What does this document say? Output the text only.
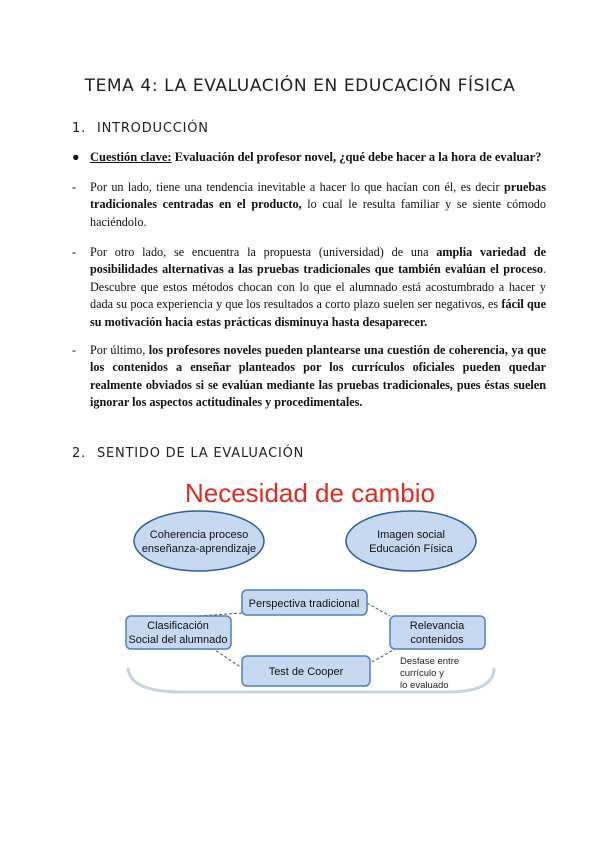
TEMA 4: LA EVALUACIÓN EN EDUCACIÓN FÍSICA
1. INTRODUCCIÓN
● Cuestión clave: Evaluación del profesor novel, ¿qué debe hacer a la hora de evaluar?
- Por un lado, tiene una tendencia inevitable a hacer lo que hacían con él, es decir pruebas tradicionales centradas en el producto, lo cual le resulta familiar y se siente cómodo haciéndolo.
- Por otro lado, se encuentra la propuesta (universidad) de una amplia variedad de posibilidades alternativas a las pruebas tradicionales que también evalúan el proceso. Descubre que estos métodos chocan con lo que el alumnado está acostumbrado a hacer y dada su poca experiencia y que los resultados a corto plazo suelen ser negativos, es fácil que su motivación hacia estas prácticas disminuya hasta desaparecer.
- Por último, los profesores noveles pueden plantearse una cuestión de coherencia, ya que los contenidos a enseñar planteados por los currículos oficiales pueden quedar realmente obviados si se evalúan mediante las pruebas tradicionales, pues éstas suelen ignorar los aspectos actitudinales y procedimentales.
2. SENTIDO DE LA EVALUACIÓN
Necesidad de cambio
Coherencia proceso
enseñanza-aprendizaje
Imagen social
Educación Física
Perspectiva tradicional
Clasificación
Social del alumnado
Relevancia
contenidos
Test de Cooper
Desfase entre
currículo y
lo evaluado
